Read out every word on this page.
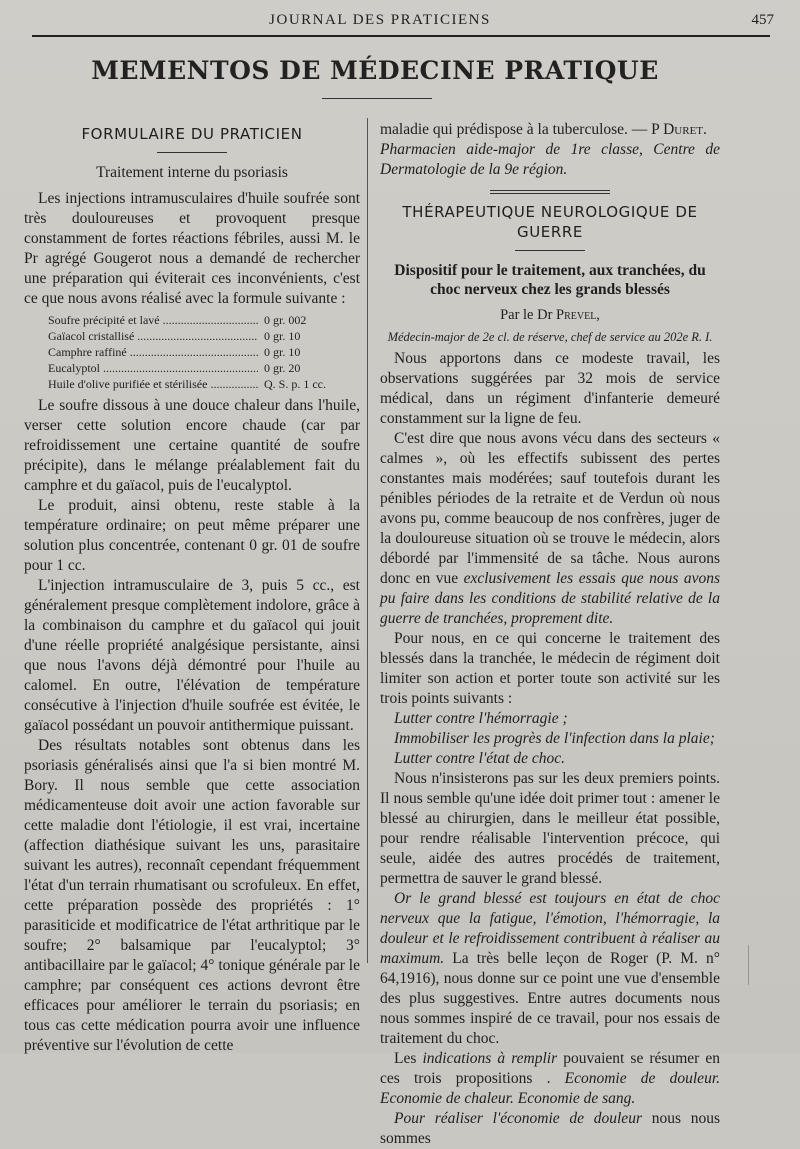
JOURNAL DES PRATICIENS	457
MEMENTOS DE MÉDECINE PRATIQUE
FORMULAIRE DU PRATICIEN
Traitement interne du psoriasis

Les injections intramusculaires d'huile soufrée sont très douloureuses et provoquent presque constamment de fortes réactions fébriles, aussi M. le Pr agrégé Gougerot nous a demandé de rechercher une préparation qui éviterait ces inconvénients, c'est ce que nous avons réalisé avec la formule suivante :

Soufre précipité et lavé .....	0 gr. 002
Gaïacol cristallisé .....	0 gr. 10
Camphre raffiné .....	0 gr. 10
Eucalyptol .....	0 gr. 20
Huile d'olive purifiée et stérilisée .....	Q. S. p. 1 cc.

Le soufre dissous à une douce chaleur dans l'huile, verser cette solution encore chaude (car par refroidissement une certaine quantité de soufre précipite), dans le mélange préalablement fait du camphre et du gaïacol, puis de l'eucalyptol.

Le produit, ainsi obtenu, reste stable à la température ordinaire; on peut même préparer une solution plus concentrée, contenant 0 gr. 01 de soufre pour 1 cc.

L'injection intramusculaire de 3, puis 5 cc., est généralement presque complètement indolore, grâce à la combinaison du camphre et du gaïacol qui jouit d'une réelle propriété analgésique persistante, ainsi que nous l'avons déjà démontré pour l'huile au calomel. En outre, l'élévation de température consécutive à l'injection d'huile soufrée est évitée, le gaïacol possédant un pouvoir antithermique puissant.

Des résultats notables sont obtenus dans les psoriasis généralisés ainsi que l'a si bien montré M. Bory. Il nous semble que cette association médicamenteuse doit avoir une action favorable sur cette maladie dont l'étiologie, il est vrai, incertaine (affection diathésique suivant les uns, parasitaire suivant les autres), reconnaît cependant fréquemment l'état d'un terrain rhumatisant ou scrofuleux. En effet, cette préparation possède des propriétés : 1° parasiticide et modificatrice de l'état arthritique par le soufre; 2° balsamique par l'eucalyptol; 3° antibacillaire par le gaïacol; 4° tonique générale par le camphre; par conséquent ces actions devront être efficaces pour améliorer le terrain du psoriasis; en tous cas cette médication pourra avoir une influence préventive sur l'évolution de cette

maladie qui prédispose à la tuberculose. — P Duret.

Pharmacien aide-major de 1re classe, Centre de Dermatologie de la 9e région.

THÉRAPEUTIQUE NEUROLOGIQUE DE GUERRE
Dispositif pour le traitement, aux tranchées, du choc nerveux chez les grands blessés
Par le Dr Prevel,
Médecin-major de 2e cl. de réserve, chef de service au 202e R. I.

Nous apportons dans ce modeste travail, les observations suggérées par 32 mois de service médical, dans un régiment d'infanterie demeuré constamment sur la ligne de feu.

C'est dire que nous avons vécu dans des secteurs « calmes », où les effectifs subissent des pertes constantes mais modérées; sauf toutefois durant les pénibles périodes de la retraite et de Verdun où nous avons pu, comme beaucoup de nos confrères, juger de la douloureuse situation où se trouve le médecin, alors débordé par l'immensité de sa tâche. Nous aurons donc en vue exclusivement les essais que nous avons pu faire dans les conditions de stabilité relative de la guerre de tranchées, proprement dite.

Pour nous, en ce qui concerne le traitement des blessés dans la tranchée, le médecin de régiment doit limiter son action et porter toute son activité sur les trois points suivants :

Lutter contre l'hémorragie ;
Immobiliser les progrès de l'infection dans la plaie;
Lutter contre l'état de choc.

Nous n'insisterons pas sur les deux premiers points. Il nous semble qu'une idée doit primer tout : amener le blessé au chirurgien, dans le meilleur état possible, pour rendre réalisable l'intervention précoce, qui seule, aidée des autres procédés de traitement, permettra de sauver le grand blessé.

Or le grand blessé est toujours en état de choc nerveux que la fatigue, l'émotion, l'hémorragie, la douleur et le refroidissement contribuent à réaliser au maximum. La très belle leçon de Roger (P. M. n° 64,1916), nous donne sur ce point une vue d'ensemble des plus suggestives. Entre autres documents nous nous sommes inspiré de ce travail, pour nos essais de traitement du choc.

Les indications à remplir pouvaient se résumer en ces trois propositions . Economie de douleur. Economie de chaleur. Economie de sang.

Pour réaliser l'économie de douleur nous nous sommes
